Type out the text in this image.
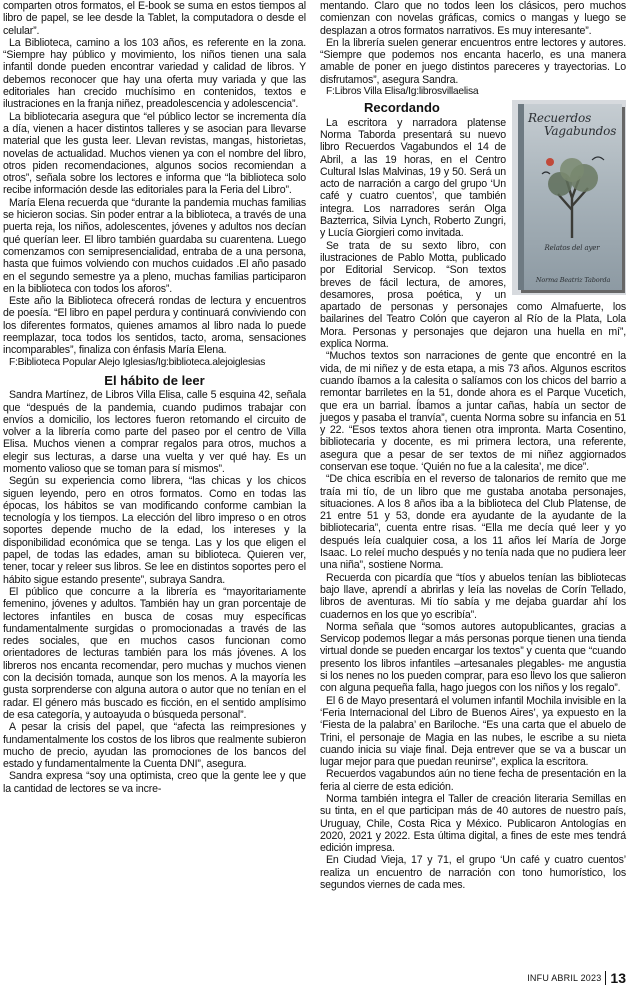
comparten otros formatos, el E-book se suma en estos tiempos al libro de papel, se lee desde la Tablet, la computadora o desde el celular”.

La Biblioteca, camino a los 103 años, es referente en la zona. “Siempre hay público y movimiento, los niños tienen una sala infantil donde pueden encontrar variedad y calidad de libros. Y debemos reconocer que hay una oferta muy variada y que las editoriales han crecido muchísimo en contenidos, textos e ilustraciones en la franja niñez, preadolescencia y adolescencia”.

La bibliotecaria asegura que “el público lector se incrementa día a día, vienen a hacer distintos talleres y se asocian para llevarse material que les gusta leer. Llevan revistas, mangas, historietas, novelas de actualidad. Muchos vienen ya con el nombre del libro, otros piden recomendaciones, algunos socios recomiendan a otros”, señala sobre los lectores e informa que “la biblioteca solo recibe información desde las editoriales para la Feria del Libro”.

María Elena recuerda que “durante la pandemia muchas familias se hicieron socias. Sin poder entrar a la biblioteca, a través de una puerta reja, los niños, adolescentes, jóvenes y adultos nos decían qué querían leer. El libro también guardaba su cuarentena. Luego comenzamos con semipresencialidad, entraba de a una persona, hasta que fuimos volviendo con muchos cuidados .El año pasado en el segundo semestre ya a pleno, muchas familias participaron en la biblioteca con todos los aforos”.

Este año la Biblioteca ofrecerá rondas de lectura y encuentros de poesía. “El libro en papel perdura y continuará conviviendo con los diferentes formatos, quienes amamos al libro nada lo puede reemplazar, toca todos los sentidos, tacto, aroma, sensaciones incomparables”, finaliza con énfasis María Elena.

F:Biblioteca Popular Alejo Iglesias/Ig:biblioteca.alejoiglesias

El hábito de leer

Sandra Martínez, de Libros Villa Elisa, calle 5 esquina 42, señala que “después de la pandemia, cuando pudimos trabajar con envíos a domicilio, los lectores fueron retomando el circuito de volver a la librería como parte del paseo por el centro de Villa Elisa. Muchos vienen a comprar regalos para otros, muchos a elegir sus lecturas, a darse una vuelta y ver qué hay. Es un momento valioso que se toman para sí mismos”.

Según su experiencia como librera, “las chicas y los chicos siguen leyendo, pero en otros formatos. Como en todas las épocas, los hábitos se van modificando conforme cambian la tecnología y los tiempos. La elección del libro impreso o en otros soportes depende mucho de la edad, los intereses y la disponibilidad económica que se tenga. Las y los que eligen el papel, de todas las edades, aman su biblioteca. Quieren ver, tener, tocar y releer sus libros. Se lee en distintos soportes pero el hábito sigue estando presente”, subraya Sandra.

El público que concurre a la librería es “mayoritariamente femenino, jóvenes y adultos. También hay un gran porcentaje de lectores infantiles en busca de cosas muy específicas fundamentalmente surgidas o promocionadas a través de las redes sociales, que en muchos casos funcionan como orientadores de lecturas también para los más jóvenes. A los libreros nos encanta recomendar, pero muchas y muchos vienen con la decisión tomada, aunque son los menos. A la mayoría les gusta sorprenderse con alguna autora o autor que no tenían en el radar. El género más buscado es ficción, en el sentido amplísimo de esa categoría, y autoayuda o búsqueda personal”.

A pesar la crisis del papel, que “afecta las reimpresiones y fundamentalmente los costos de los libros que realmente subieron mucho de precio, ayudan las promociones de los bancos del estado y fundamentalmente la Cuenta DNI”, asegura.

Sandra expresa “soy una optimista, creo que la gente lee y que la cantidad de lectores se va incre-

mentando. Claro que no todos leen los clásicos, pero muchos comienzan con novelas gráficas, comics o mangas y luego se desplazan a otros formatos narrativos. Es muy interesante”.

En la librería suelen generar encuentros entre lectores y autores. “Siempre que podemos nos encanta hacerlo, es una manera amable de poner en juego distintos pareceres y trayectorias. Lo disfrutamos”, asegura Sandra.

F:Libros Villa Elisa/Ig:librosvillaelisa

Recuerdos
Vagabundos
Relatos del ayer
Norma Beatriz Taborda
Recordando

La escritora y narradora platense Norma Taborda presentará su nuevo libro Recuerdos Vagabundos el 14 de Abril, a las 19 horas, en el Centro Cultural Islas Malvinas, 19 y 50. Será un acto de narración a cargo del grupo ‘Un café y cuatro cuentos’, que también integra. Los narradores serán Olga Bazterrica, Silvia Lynch, Roberto Zungri, y Lucía Giorgieri como invitada.

Se trata de su sexto libro, con ilustraciones de Pablo Motta, publicado por Editorial Servicop. “Son textos breves de fácil lectura, de amores, desamores, prosa poética, y un apartado de personas y personajes como Almafuerte, los bailarines del Teatro Colón que cayeron al Río de la Plata, Lola Mora. Personas y personajes que dejaron una huella en mí”, explica Norma.

“Muchos textos son narraciones de gente que encontré en la vida, de mi niñez y de esta etapa, a mis 73 años. Algunos escritos cuando íbamos a la calesita o salíamos con los chicos del barrio a remontar barriletes en la 51, donde ahora es el Parque Vucetich, que era un barrial. Íbamos a juntar cañas, había un sector de juegos y pasaba el tranvía”, cuenta Norma sobre su infancia en 51 y 22. “Esos textos ahora tienen otra impronta. Marta Cosentino, bibliotecaria y docente, es mi primera lectora, una referente, asegura que a pesar de ser textos de mi niñez aggiornados conservan ese toque. ‘Quién no fue a la calesita’, me dice”.

“De chica escribía en el reverso de talonarios de remito que me traía mi tío, de un libro que me gustaba anotaba personajes, situaciones. A los 8 años iba a la biblioteca del Club Platense, de 21 entre 51 y 53, donde era ayudante de la ayudante de la bibliotecaria”, cuenta entre risas. “Ella me decía qué leer y yo después leía cualquier cosa, a los 11 años leí María de Jorge Isaac. Lo releí mucho después y no tenía nada que no pudiera leer una niña”, sostiene Norma.

Recuerda con picardía que “tíos y abuelos tenían las bibliotecas bajo llave, aprendí a abrirlas y leía las novelas de Corín Tellado, libros de aventuras. Mi tío sabía y me dejaba guardar ahí los cuadernos en los que yo escribía”.

Norma señala que “somos autores autopublicantes, gracias a Servicop podemos llegar a más personas porque tienen una tienda virtual donde se pueden encargar los textos” y cuenta que “cuando presento los libros infantiles –artesanales plegables- me angustia si los nenes no los pueden comprar, para eso llevo los que salieron con alguna pequeña falla, hago juegos con los niños y los regalo”.

El 6 de Mayo presentará el volumen infantil Mochila invisible en la ‘Feria Internacional del Libro de Buenos Aires’, ya expuesto en la ‘Fiesta de la palabra’ en Bariloche. “Es una carta que el abuelo de Trini, el personaje de Magia en las nubes, le escribe a su nieta cuando inicia su viaje final. Deja entrever que se va a buscar un lugar mejor para que puedan reunirse”, explica la escritora.

Recuerdos vagabundos aún no tiene fecha de presentación en la feria al cierre de esta edición.

Norma también integra el Taller de creación literaria Semillas en su tinta, en el que participan más de 40 autores de nuestro país, Uruguay, Chile, Costa Rica y México. Publicaron Antologías en 2020, 2021 y 2022. Esta última digital, a fines de este mes tendrá edición impresa.

En Ciudad Vieja, 17 y 71, el grupo ‘Un café y cuatro cuentos’ realiza un encuentro de narración con tono humorístico, los segundos viernes de cada mes.

INFU ABRIL 2023 13
